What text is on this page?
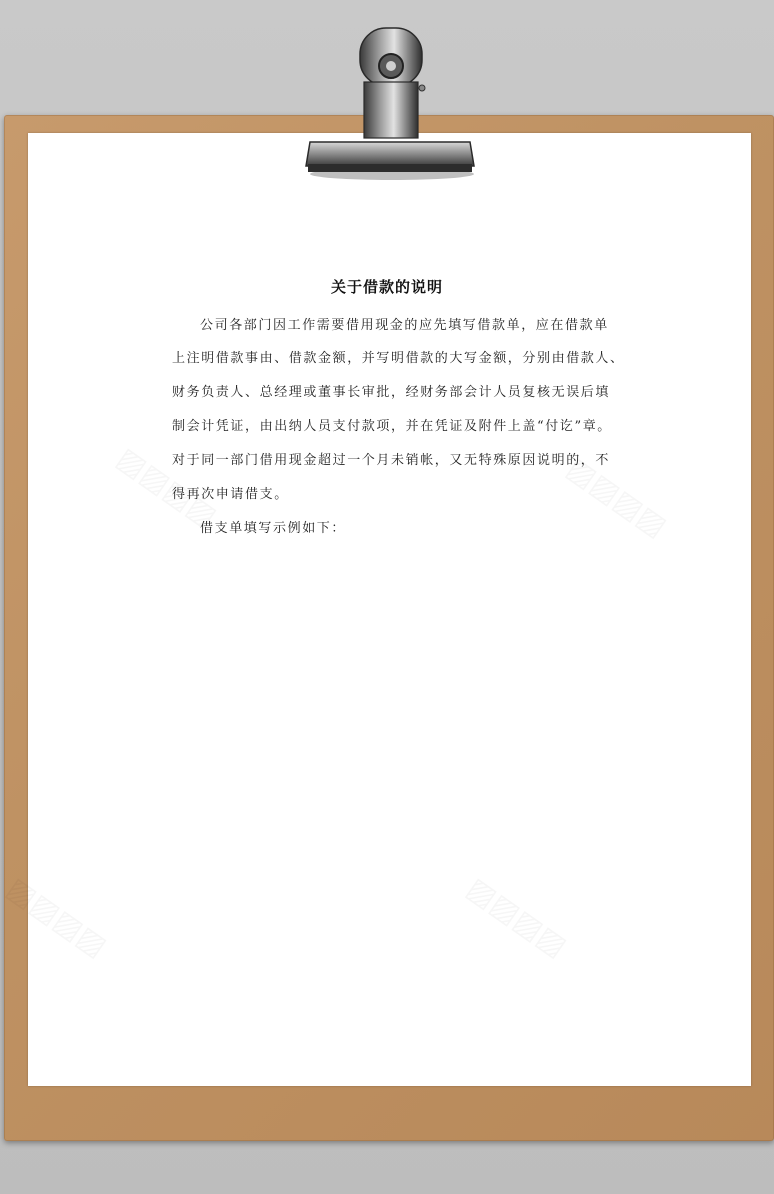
关于借款的说明
公司各部门因工作需要借用现金的应先填写借款单，应在借款单
上注明借款事由、借款金额，并写明借款的大写金额，分别由借款人、
财务负责人、总经理或董事长审批，经财务部会计人员复核无误后填
制会计凭证，由出纳人员支付款项，并在凭证及附件上盖“付讫”章。
对于同一部门借用现金超过一个月未销帐，又无特殊原因说明的，不
得再次申请借支。
借支单填写示例如下：
